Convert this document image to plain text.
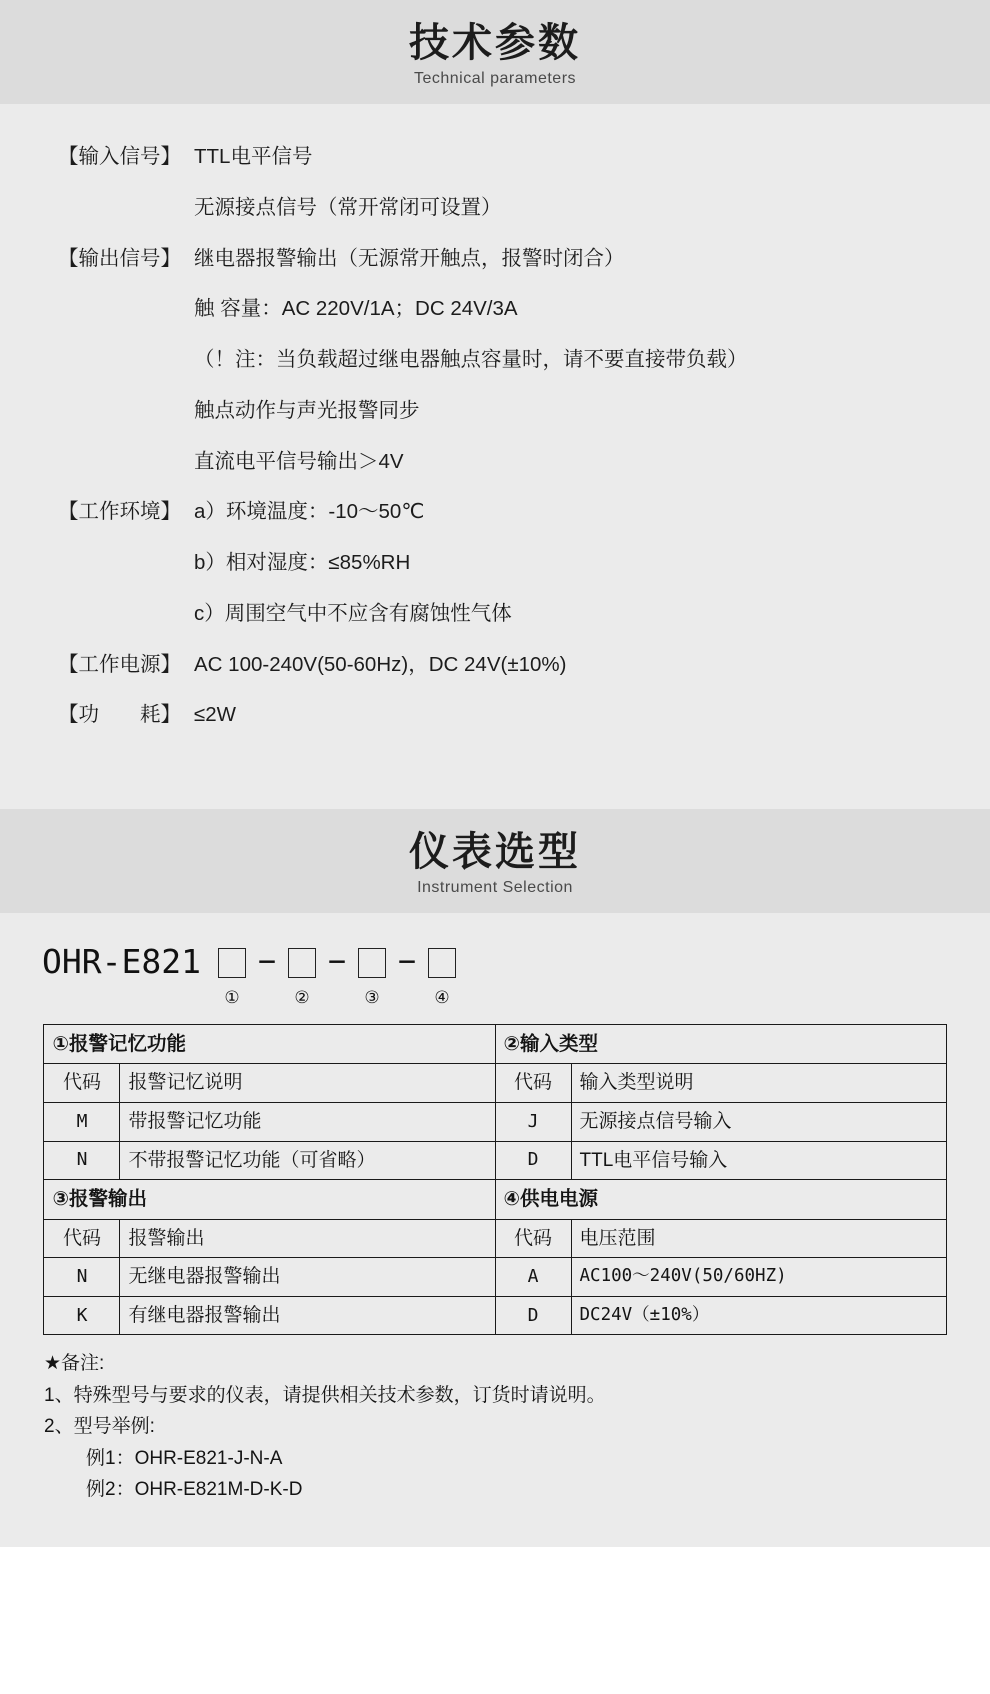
技术参数
Technical parameters
【输入信号】 TTL电平信号
无源接点信号（常开常闭可设置）
【输出信号】 继电器报警输出（无源常开触点，报警时闭合）
触 容量：AC 220V/1A；DC 24V/3A
（！注：当负载超过继电器触点容量时，请不要直接带负载）
触点动作与声光报警同步
直流电平信号输出＞4V
【工作环境】 a）环境温度：-10～50℃
b）相对湿度：≤85%RH
c）周围空气中不应含有腐蚀性气体
【工作电源】 AC 100-240V(50-60Hz)，DC 24V(±10%)
【功　　耗】 ≤2W
仪表选型
Instrument Selection
OHR-E821
①
−
②
−
③
−
④
①报警记忆功能		②输入类型	
代码	报警记忆说明	代码	输入类型说明
M	带报警记忆功能	J	无源接点信号输入
N	不带报警记忆功能（可省略）	D	TTL电平信号输入
③报警输出		④供电电源	
代码	报警输出	代码	电压范围
N	无继电器报警输出	A	AC100～240V(50/60HZ)
K	有继电器报警输出	D	DC24V（±10%）
★备注:
1、特殊型号与要求的仪表，请提供相关技术参数，订货时请说明。
2、型号举例:
例1：OHR-E821-J-N-A
例2：OHR-E821M-D-K-D
